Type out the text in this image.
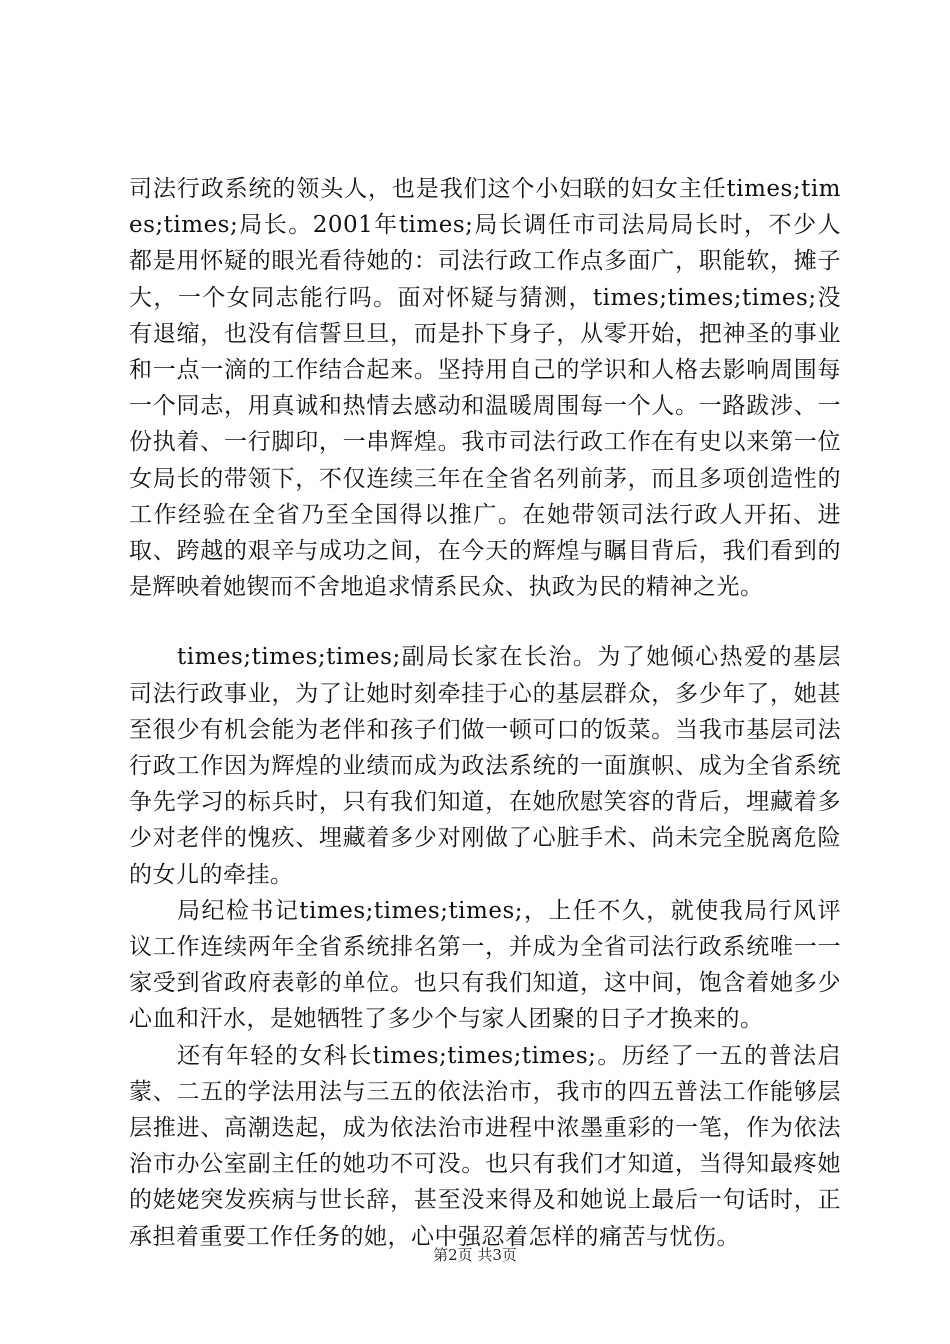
司法行政系统的领头人，也是我们这个小妇联的妇女主任times;times;times;局长。2001年times;局长调任市司法局局长时，不少人都是用怀疑的眼光看待她的：司法行政工作点多面广，职能软，摊子大，一个女同志能行吗。面对怀疑与猜测，times;times;times;没有退缩，也没有信誓旦旦，而是扑下身子，从零开始，把神圣的事业和一点一滴的工作结合起来。坚持用自己的学识和人格去影响周围每一个同志，用真诚和热情去感动和温暖周围每一个人。一路跋涉、一份执着、一行脚印，一串辉煌。我市司法行政工作在有史以来第一位女局长的带领下，不仅连续三年在全省名列前茅，而且多项创造性的工作经验在全省乃至全国得以推广。在她带领司法行政人开拓、进取、跨越的艰辛与成功之间，在今天的辉煌与瞩目背后，我们看到的是辉映着她锲而不舍地追求情系民众、执政为民的精神之光。

times;times;times;副局长家在长治。为了她倾心热爱的基层司法行政事业，为了让她时刻牵挂于心的基层群众，多少年了，她甚至很少有机会能为老伴和孩子们做一顿可口的饭菜。当我市基层司法行政工作因为辉煌的业绩而成为政法系统的一面旗帜、成为全省系统争先学习的标兵时，只有我们知道，在她欣慰笑容的背后，埋藏着多少对老伴的愧疚、埋藏着多少对刚做了心脏手术、尚未完全脱离危险的女儿的牵挂。

局纪检书记times;times;times;，上任不久，就使我局行风评议工作连续两年全省系统排名第一，并成为全省司法行政系统唯一一家受到省政府表彰的单位。也只有我们知道，这中间，饱含着她多少心血和汗水，是她牺牲了多少个与家人团聚的日子才换来的。

还有年轻的女科长times;times;times;。历经了一五的普法启蒙、二五的学法用法与三五的依法治市，我市的四五普法工作能够层层推进、高潮迭起，成为依法治市进程中浓墨重彩的一笔，作为依法治市办公室副主任的她功不可没。也只有我们才知道，当得知最疼她的姥姥突发疾病与世长辞，甚至没来得及和她说上最后一句话时，正承担着重要工作任务的她，心中强忍着怎样的痛苦与忧伤。

第2页 共3页
